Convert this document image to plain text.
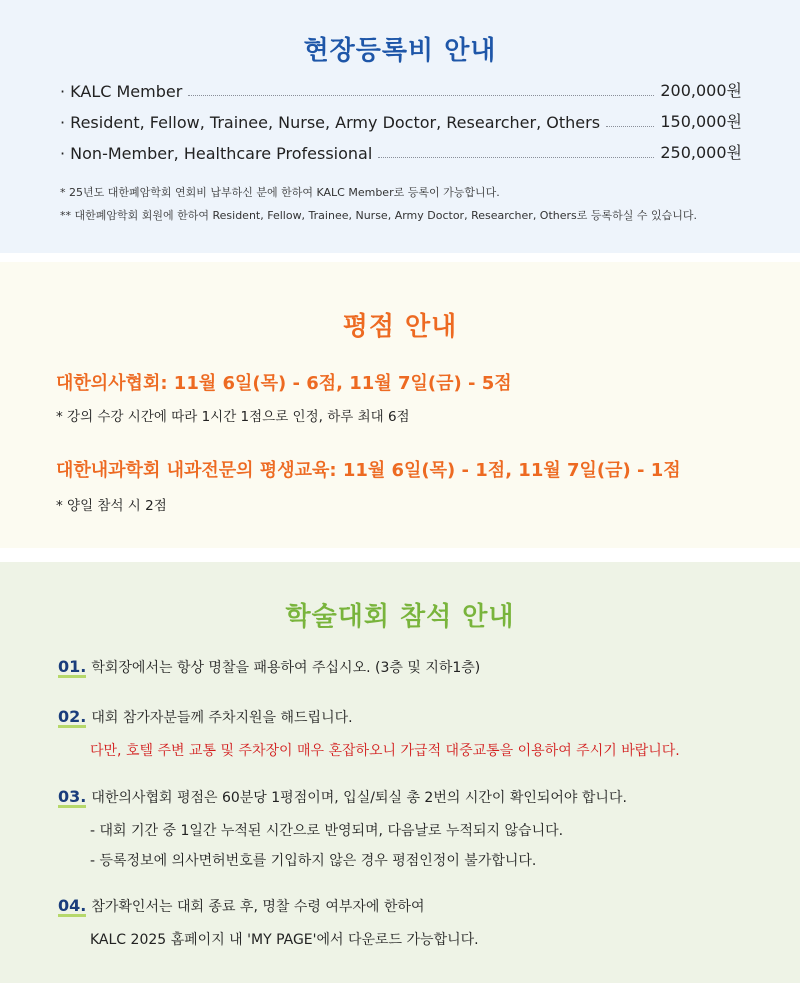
현장등록비 안내
· KALC Member	200,000원
· Resident, Fellow, Trainee, Nurse, Army Doctor, Researcher, Others	150,000원
· Non-Member, Healthcare Professional	250,000원
* 25년도 대한폐암학회 연회비 납부하신 분에 한하여 KALC Member로 등록이 가능합니다.
** 대한폐암학회 회원에 한하여 Resident, Fellow, Trainee, Nurse, Army Doctor, Researcher, Others로 등록하실 수 있습니다.
평점 안내
대한의사협회: 11월 6일(목) - 6점, 11월 7일(금) - 5점
* 강의 수강 시간에 따라 1시간 1점으로 인정, 하루 최대 6점
대한내과학회 내과전문의 평생교육: 11월 6일(목) - 1점, 11월 7일(금) - 1점
* 양일 참석 시 2점
학술대회 참석 안내
01. 학회장에서는 항상 명찰을 패용하여 주십시오. (3층 및 지하1층)
02. 대회 참가자분들께 주차지원을 해드립니다.
다만, 호텔 주변 교통 및 주차장이 매우 혼잡하오니 가급적 대중교통을 이용하여 주시기 바랍니다.
03. 대한의사협회 평점은 60분당 1평점이며, 입실/퇴실 총 2번의 시간이 확인되어야 합니다.
- 대회 기간 중 1일간 누적된 시간으로 반영되며, 다음날로 누적되지 않습니다.
- 등록정보에 의사면허번호를 기입하지 않은 경우 평점인정이 불가합니다.
04. 참가확인서는 대회 종료 후, 명찰 수령 여부자에 한하여
KALC 2025 홈페이지 내 'MY PAGE'에서 다운로드 가능합니다.
